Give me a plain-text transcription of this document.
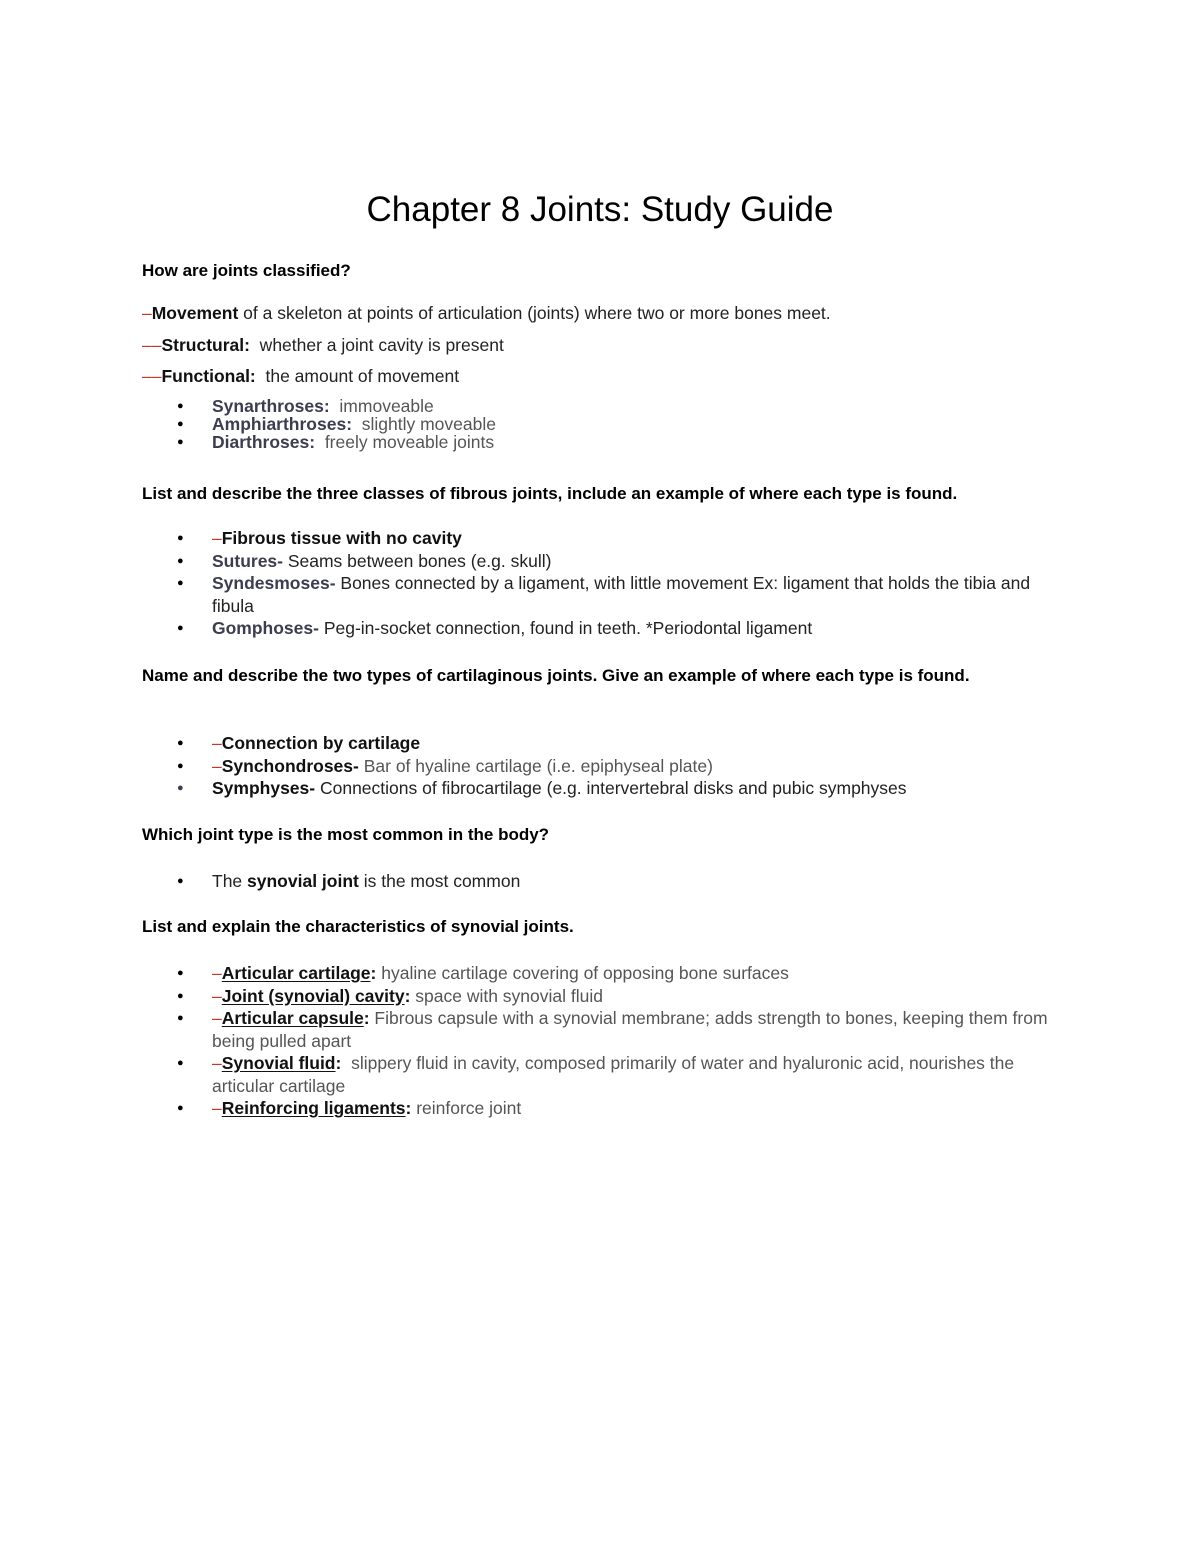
Chapter 8 Joints: Study Guide

How are joints classified?

–Movement of a skeleton at points of articulation (joints) where two or more bones meet.

––Structural:  whether a joint cavity is present

––Functional:  the amount of movement

● Synarthroses:  immoveable
● Amphiarthroses:  slightly moveable
● Diarthroses:  freely moveable joints

List and describe the three classes of fibrous joints, include an example of where each type is found.

● –Fibrous tissue with no cavity
● Sutures- Seams between bones (e.g. skull)
● Syndesmoses- Bones connected by a ligament, with little movement Ex: ligament that holds the tibia and fibula
● Gomphoses- Peg-in-socket connection, found in teeth. *Periodontal ligament

Name and describe the two types of cartilaginous joints. Give an example of where each type is found.

● –Connection by cartilage
● –Synchondroses- Bar of hyaline cartilage (i.e. epiphyseal plate)
● Symphyses- Connections of fibrocartilage (e.g. intervertebral disks and pubic symphyses

Which joint type is the most common in the body?

● The synovial joint is the most common

List and explain the characteristics of synovial joints.

● –Articular cartilage: hyaline cartilage covering of opposing bone surfaces
● –Joint (synovial) cavity: space with synovial fluid
● –Articular capsule: Fibrous capsule with a synovial membrane; adds strength to bones, keeping them from being pulled apart
● –Synovial fluid:  slippery fluid in cavity, composed primarily of water and hyaluronic acid, nourishes the articular cartilage
● –Reinforcing ligaments: reinforce joint
